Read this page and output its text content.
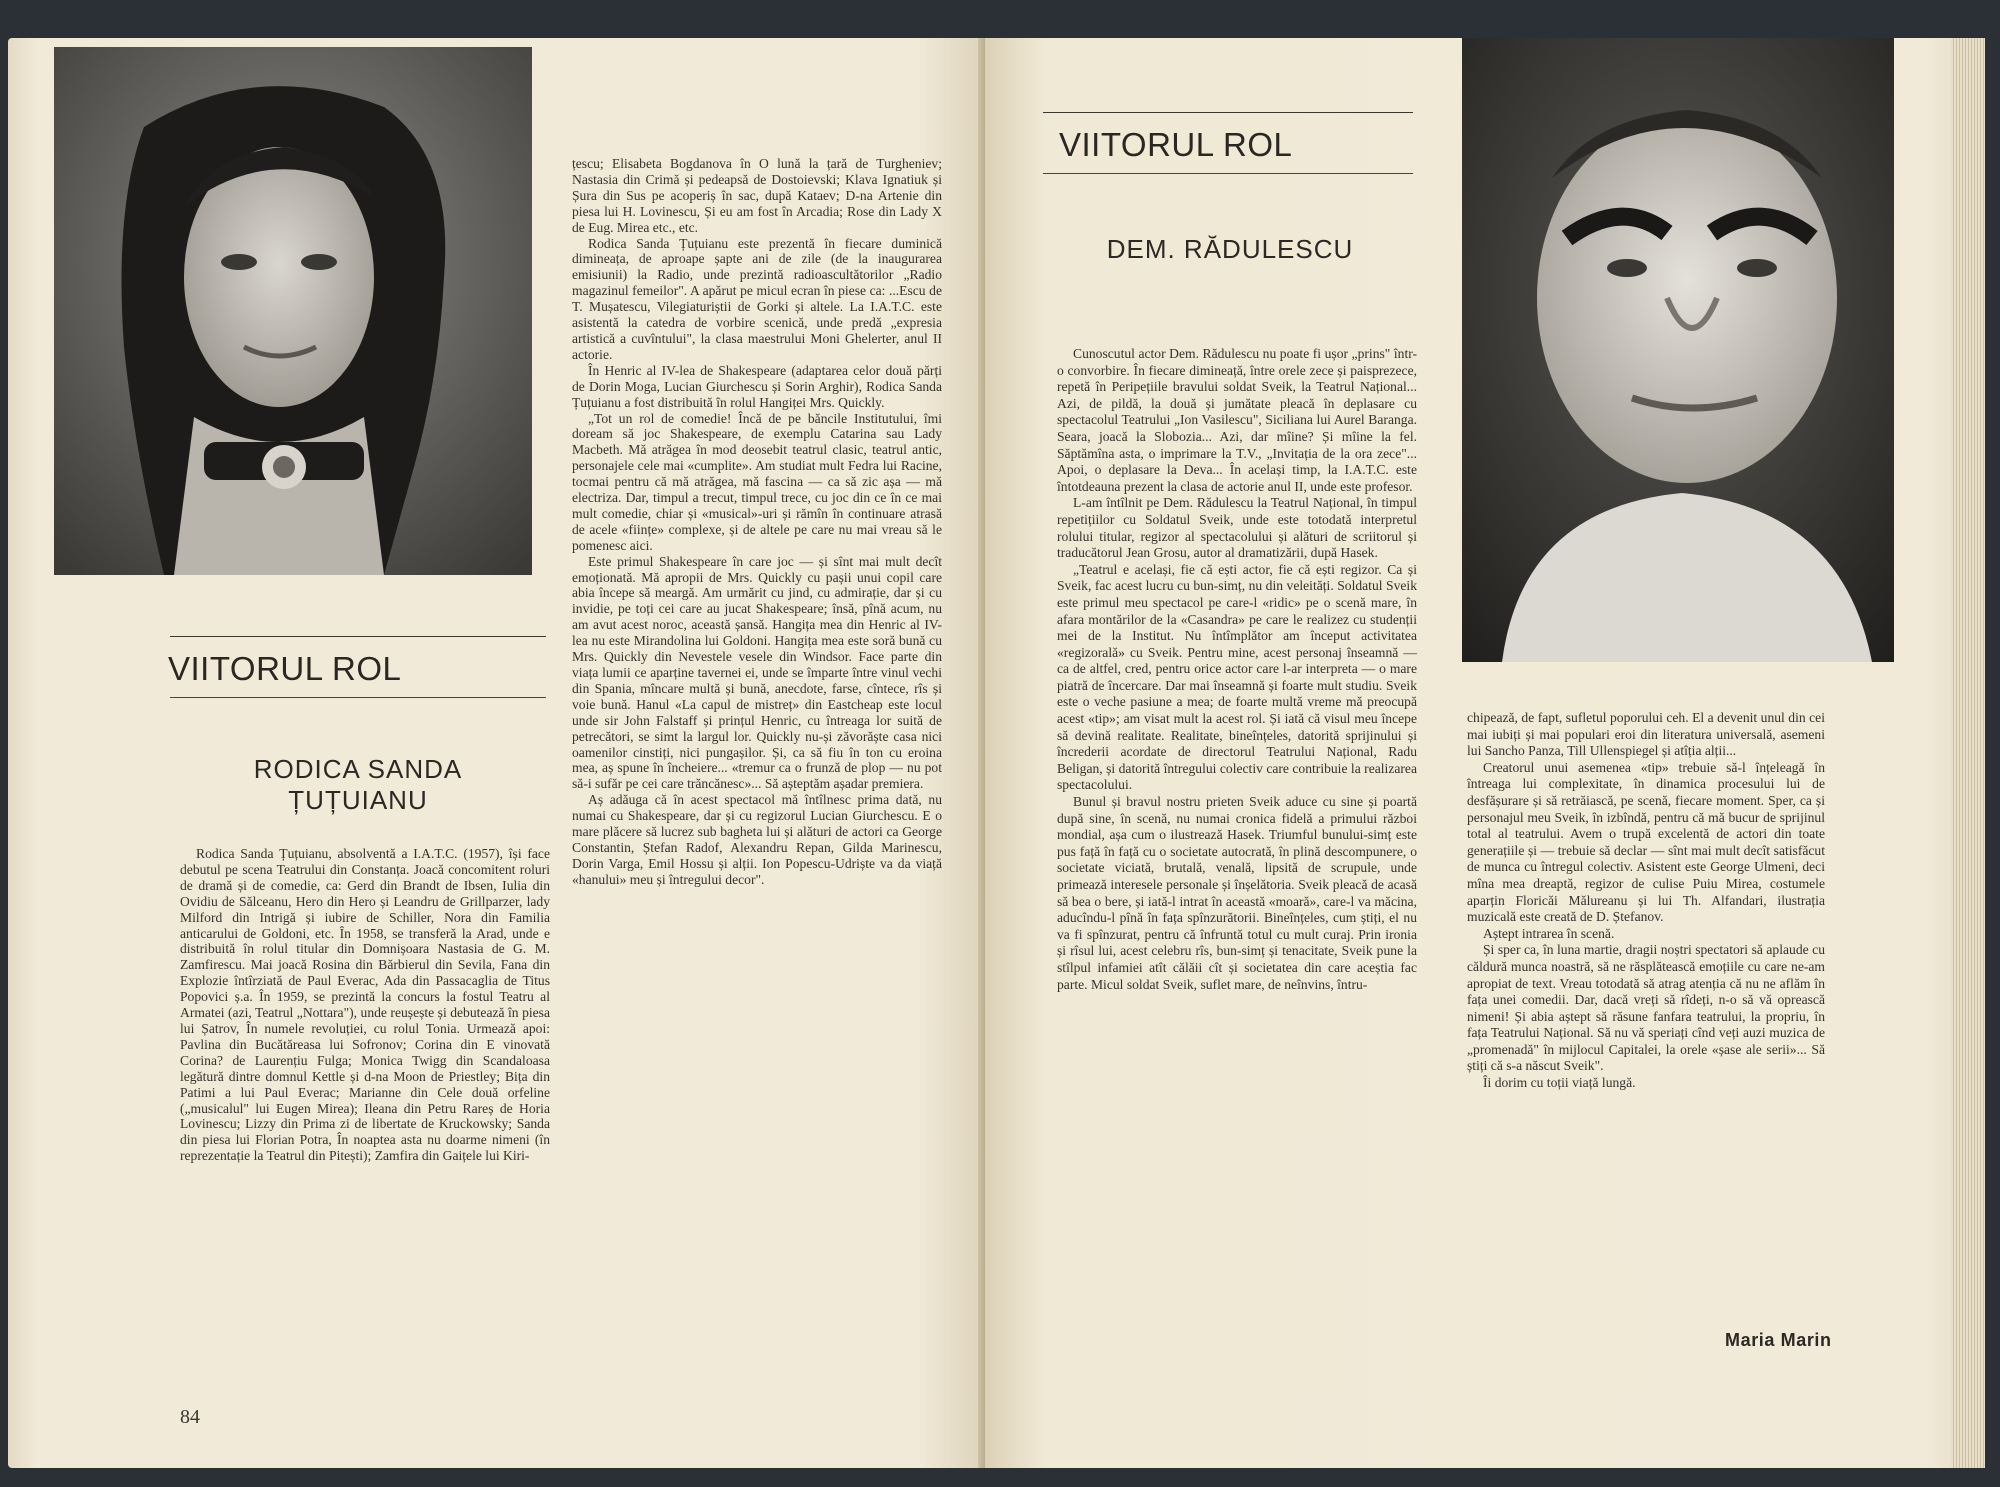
VIITORUL ROL
RODICA SANDA
ȚUȚUIANU

Rodica Sanda Țuțuianu, absolventă a I.A.T.C. (1957), își face debutul pe scena Teatrului din Constanța. Joacă concomitent roluri de dramă și de comedie, ca: Gerd din Brandt de Ibsen, Iulia din Ovidiu de Sălceanu, Hero din Hero și Leandru de Grillparzer, lady Milford din Intrigă și iubire de Schiller, Nora din Familia anticarului de Goldoni, etc. În 1958, se transferă la Arad, unde e distribuită în rolul titular din Domnișoara Nastasia de G. M. Zamfirescu. Mai joacă Rosina din Bărbierul din Sevila, Fana din Explozie întîrziată de Paul Everac, Ada din Passacaglia de Titus Popovici ș.a. În 1959, se prezintă la concurs la fostul Teatru al Armatei (azi, Teatrul „Nottara"), unde reușește și debutează în piesa lui Șatrov, În numele revoluției, cu rolul Tonia. Urmează apoi: Pavlina din Bucătăreasa lui Sofronov; Corina din E vinovată Corina? de Laurențiu Fulga; Monica Twigg din Scandaloasa legătură dintre domnul Kettle și d-na Moon de Priestley; Bița din Patimi a lui Paul Everac; Marianne din Cele două orfeline („musicalul" lui Eugen Mirea); Ileana din Petru Rareș de Horia Lovinescu; Lizzy din Prima zi de libertate de Kruckowsky; Sanda din piesa lui Florian Potra, În noaptea asta nu doarme nimeni (în reprezentație la Teatrul din Pitești); Zamfira din Gaițele lui Kiri-

țescu; Elisabeta Bogdanova în O lună la țară de Turgheniev; Nastasia din Crimă și pedeapsă de Dostoievski; Klava Ignatiuk și Șura din Sus pe acoperiș în sac, după Kataev; D-na Artenie din piesa lui H. Lovinescu, Și eu am fost în Arcadia; Rose din Lady X de Eug. Mirea etc., etc.

Rodica Sanda Țuțuianu este prezentă în fiecare duminică dimineața, de aproape șapte ani de zile (de la inaugurarea emisiunii) la Radio, unde prezintă radioascultătorilor „Radio magazinul femeilor". A apărut pe micul ecran în piese ca: ...Escu de T. Mușatescu, Vilegiaturiștii de Gorki și altele. La I.A.T.C. este asistentă la catedra de vorbire scenică, unde predă „expresia artistică a cuvîntului", la clasa maestrului Moni Ghelerter, anul II actorie.

În Henric al IV-lea de Shakespeare (adaptarea celor două părți de Dorin Moga, Lucian Giurchescu și Sorin Arghir), Rodica Sanda Țuțuianu a fost distribuită în rolul Hangiței Mrs. Quickly.

„Tot un rol de comedie! Încă de pe băncile Institutului, îmi doream să joc Shakespeare, de exemplu Catarina sau Lady Macbeth. Mă atrăgea în mod deosebit teatrul clasic, teatrul antic, personajele cele mai «cumplite». Am studiat mult Fedra lui Racine, tocmai pentru că mă atrăgea, mă fascina — ca să zic așa — mă electriza. Dar, timpul a trecut, timpul trece, cu joc din ce în ce mai mult comedie, chiar și «musical»-uri și rămîn în continuare atrasă de acele «ființe» complexe, și de altele pe care nu mai vreau să le pomenesc aici.

Este primul Shakespeare în care joc — și sînt mai mult decît emoționată. Mă apropii de Mrs. Quickly cu pașii unui copil care abia începe să meargă. Am urmărit cu jind, cu admirație, dar și cu invidie, pe toți cei care au jucat Shakespeare; însă, pînă acum, nu am avut acest noroc, această șansă. Hangița mea din Henric al IV-lea nu este Mirandolina lui Goldoni. Hangița mea este soră bună cu Mrs. Quickly din Nevestele vesele din Windsor. Face parte din viața lumii ce aparține tavernei ei, unde se împarte între vinul vechi din Spania, mîncare multă și bună, anecdote, farse, cîntece, rîs și voie bună. Hanul «La capul de mistreț» din Eastcheap este locul unde sir John Falstaff și prințul Henric, cu întreaga lor suită de petrecători, se simt la largul lor. Quickly nu-și zăvorăște casa nici oamenilor cinstiți, nici pungașilor. Și, ca să fiu în ton cu eroina mea, aș spune în încheiere... «tremur ca o frunză de plop — nu pot să-i sufăr pe cei care trăncănesc»... Să așteptăm așadar premiera.

Aș adăuga că în acest spectacol mă întîlnesc prima dată, nu numai cu Shakespeare, dar și cu regizorul Lucian Giurchescu. E o mare plăcere să lucrez sub bagheta lui și alături de actori ca George Constantin, Ștefan Radof, Alexandru Repan, Gilda Marinescu, Dorin Varga, Emil Hossu și alții. Ion Popescu-Udriște va da viață «hanului» meu și întregului decor".

84
VIITORUL ROL
DEM. RĂDULESCU

Cunoscutul actor Dem. Rădulescu nu poate fi ușor „prins" într-o convorbire. În fiecare dimineață, între orele zece și paisprezece, repetă în Peripețiile bravului soldat Sveik, la Teatrul Național... Azi, de pildă, la două și jumătate pleacă în deplasare cu spectacolul Teatrului „Ion Vasilescu", Siciliana lui Aurel Baranga. Seara, joacă la Slobozia... Azi, dar mîine? Și mîine la fel. Săptămîna asta, o imprimare la T.V., „Invitația de la ora zece"... Apoi, o deplasare la Deva... În același timp, la I.A.T.C. este întotdeauna prezent la clasa de actorie anul II, unde este profesor.

L-am întîlnit pe Dem. Rădulescu la Teatrul Național, în timpul repetițiilor cu Soldatul Sveik, unde este totodată interpretul rolului titular, regizor al spectacolului și alături de scriitorul și traducătorul Jean Grosu, autor al dramatizării, după Hasek.

„Teatrul e același, fie că ești actor, fie că ești regizor. Ca și Sveik, fac acest lucru cu bun-simț, nu din veleități. Soldatul Sveik este primul meu spectacol pe care-l «ridic» pe o scenă mare, în afara montărilor de la «Casandra» pe care le realizez cu studenții mei de la Institut. Nu întîmplător am început activitatea «regizorală» cu Sveik. Pentru mine, acest personaj înseamnă — ca de altfel, cred, pentru orice actor care l-ar interpreta — o mare piatră de încercare. Dar mai înseamnă și foarte mult studiu. Sveik este o veche pasiune a mea; de foarte multă vreme mă preocupă acest «tip»; am visat mult la acest rol. Și iată că visul meu începe să devină realitate. Realitate, bineînțeles, datorită sprijinului și încrederii acordate de directorul Teatrului Național, Radu Beligan, și datorită întregului colectiv care contribuie la realizarea spectacolului.

Bunul și bravul nostru prieten Sveik aduce cu sine și poartă după sine, în scenă, nu numai cronica fidelă a primului război mondial, așa cum o ilustrează Hasek. Triumful bunului-simț este pus față în față cu o societate autocrată, în plină descompunere, o societate viciată, brutală, venală, lipsită de scrupule, unde primează interesele personale și înșelătoria. Sveik pleacă de acasă să bea o bere, și iată-l intrat în această «moară», care-l va măcina, aducîndu-l pînă în fața spînzurătorii. Bineînțeles, cum știți, el nu va fi spînzurat, pentru că înfruntă totul cu mult curaj. Prin ironia și rîsul lui, acest celebru rîs, bun-simț și tenacitate, Sveik pune la stîlpul infamiei atît călăii cît și societatea din care aceștia fac parte. Micul soldat Sveik, suflet mare, de neînvins, întru-

chipează, de fapt, sufletul poporului ceh. El a devenit unul din cei mai iubiți și mai populari eroi din literatura universală, asemeni lui Sancho Panza, Till Ullenspiegel și atîția alții...

Creatorul unui asemenea «tip» trebuie să-l înțeleagă în întreaga lui complexitate, în dinamica procesului lui de desfășurare și să retrăiască, pe scenă, fiecare moment. Sper, ca și personajul meu Sveik, în izbîndă, pentru că mă bucur de sprijinul total al teatrului. Avem o trupă excelentă de actori din toate generațiile și — trebuie să declar — sînt mai mult decît satisfăcut de munca cu întregul colectiv. Asistent este George Ulmeni, deci mîna mea dreaptă, regizor de culise Puiu Mirea, costumele aparțin Floricăi Mălureanu și lui Th. Alfandari, ilustrația muzicală este creată de D. Ștefanov.

Aștept intrarea în scenă.

Și sper ca, în luna martie, dragii noștri spectatori să aplaude cu căldură munca noastră, să ne răsplătească emoțiile cu care ne-am apropiat de text. Vreau totodată să atrag atenția că nu ne aflăm în fața unei comedii. Dar, dacă vreți să rîdeți, n-o să vă oprească nimeni! Și abia aștept să răsune fanfara teatrului, la propriu, în fața Teatrului Național. Să nu vă speriați cînd veți auzi muzica de „promenadă" în mijlocul Capitalei, la orele «șase ale serii»... Să știți că s-a născut Sveik".

Îi dorim cu toții viață lungă.

Maria Marin
